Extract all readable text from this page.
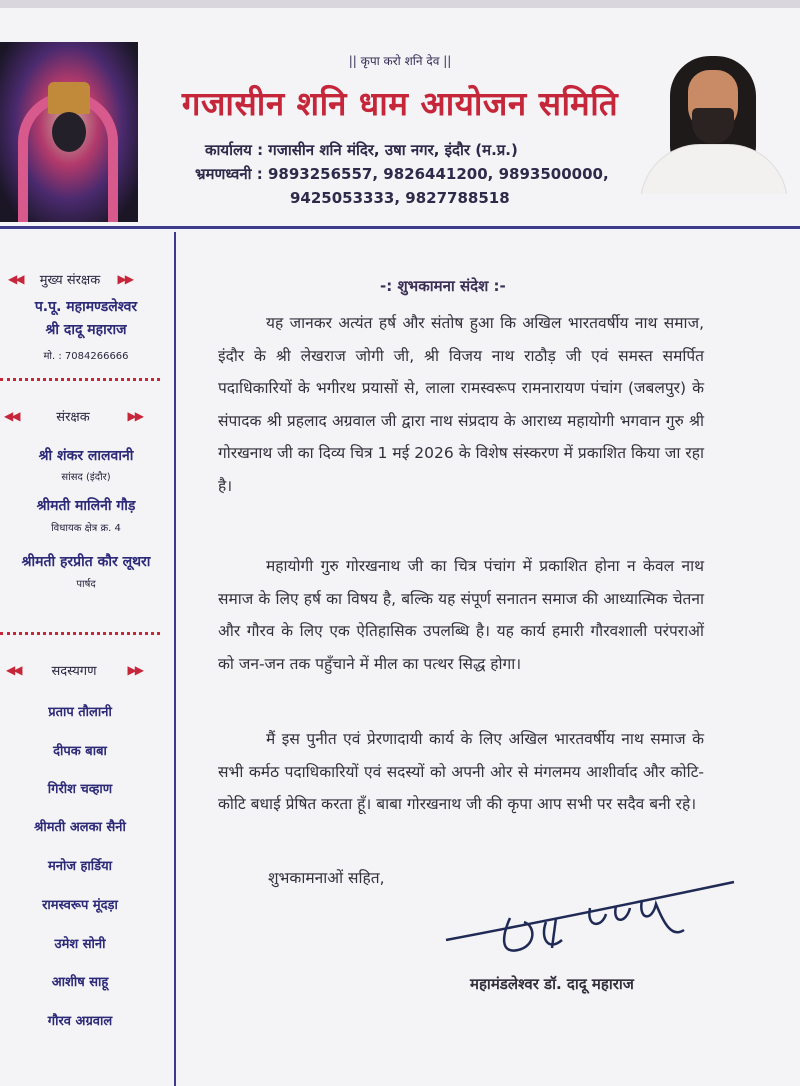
|| कृपा करो शनि देव ||
गजासीन शनि धाम आयोजन समिति
कार्यालय : गजासीन शनि मंदिर, उषा नगर, इंदौर (म.प्र.)
भ्रमणध्वनी : 9893256557, 9826441200, 9893500000,
9425053333, 9827788518
◀◀ मुख्य संरक्षक ▶▶
प.पू. महामण्डलेश्वर
श्री दादू महाराज
मो. : 7084266666
◀◀	संरक्षक	▶▶
श्री शंकर लालवानी
सांसद (इंदौर)
श्रीमती मालिनी गौड़
विधायक क्षेत्र क्र. 4
श्रीमती हरप्रीत कौर लूथरा
पार्षद
◀◀ सदस्यगण	▶▶
प्रताप तौलानी
दीपक बाबा
गिरीश चव्हाण
श्रीमती अलका सैनी
मनोज हार्डिया
रामस्वरूप मूंदड़ा
उमेश सोनी
आशीष साहू
गौरव अग्रवाल
-: शुभकामना संदेश :-
यह जानकर अत्यंत हर्ष और संतोष हुआ कि अखिल भारतवर्षीय नाथ समाज, इंदौर के श्री लेखराज जोगी जी, श्री विजय नाथ राठौड़ जी एवं समस्त समर्पित पदाधिकारियों के भगीरथ प्रयासों से, लाला रामस्वरूप रामनारायण पंचांग (जबलपुर) के संपादक श्री प्रहलाद अग्रवाल जी द्वारा नाथ संप्रदाय के आराध्य महायोगी भगवान गुरु श्री गोरखनाथ जी का दिव्य चित्र 1 मई 2026 के विशेष संस्करण में प्रकाशित किया जा रहा है।
महायोगी गुरु गोरखनाथ जी का चित्र पंचांग में प्रकाशित होना न केवल नाथ समाज के लिए हर्ष का विषय है, बल्कि यह संपूर्ण सनातन समाज की आध्यात्मिक चेतना और गौरव के लिए एक ऐतिहासिक उपलब्धि है। यह कार्य हमारी गौरवशाली परंपराओं को जन-जन तक पहुँचाने में मील का पत्थर सिद्ध होगा।
मैं इस पुनीत एवं प्रेरणादायी कार्य के लिए अखिल भारतवर्षीय नाथ समाज के सभी कर्मठ पदाधिकारियों एवं सदस्यों को अपनी ओर से मंगलमय आशीर्वाद और कोटि-कोटि बधाई प्रेषित करता हूँ। बाबा गोरखनाथ जी की कृपा आप सभी पर सदैव बनी रहे।
शुभकामनाओं सहित,
महामंडलेश्वर डॉ. दादू महाराज
